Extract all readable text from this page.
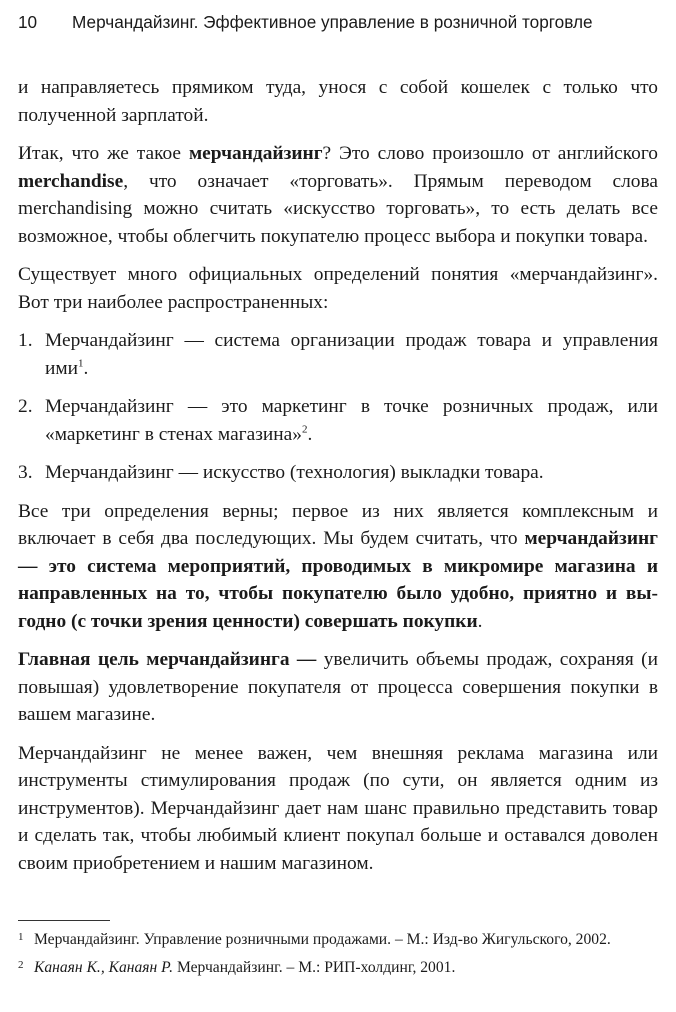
10 Мерчандайзинг. Эффективное управление в розничной торговле

и направляетесь прямиком туда, унося с собой кошелек с только что полученной зарплатой.

Итак, что же такое мерчандайзинг? Это слово произошло от английского merchandise, что означает «торговать». Прямым переводом слова merchandising можно считать «искусство торговать», то есть делать все возможное, чтобы облегчить покупателю процесс выбора и покупки товара.

Существует много официальных определений понятия «мерчандайзинг». Вот три наиболее распространенных:

1. Мерчандайзинг — система организации продаж товара и управления ими$^1$.
2. Мерчандайзинг — это маркетинг в точке розничных продаж, или «маркетинг в стенах магазина»$^2$.
3. Мерчандайзинг — искусство (технология) выкладки товара.

Все три определения верны; первое из них является комплексным и включает в себя два последующих. Мы будем считать, что мерчандайзинг — это система мероприятий, проводимых в микромире магазина и направленных на то, чтобы покупателю было удобно, приятно и выгодно (с точки зрения ценности) совершать покупки.

Главная цель мерчандайзинга — увеличить объемы продаж, сохраняя (и повышая) удовлетворение покупателя от процесса совершения покупки в вашем магазине.

Мерчандайзинг не менее важен, чем внешняя реклама магазина или инструменты стимулирования продаж (по сути, он является одним из инструментов). Мерчандайзинг дает нам шанс правильно представить товар и сделать так, чтобы любимый клиент покупал больше и оставался доволен своим приобретением и нашим магазином.

1 Мерчандайзинг. Управление розничными продажами. – М.: Изд-во Жигульского, 2002.
2 Канаян К., Канаян Р. Мерчандайзинг. – М.: РИП-холдинг, 2001.
